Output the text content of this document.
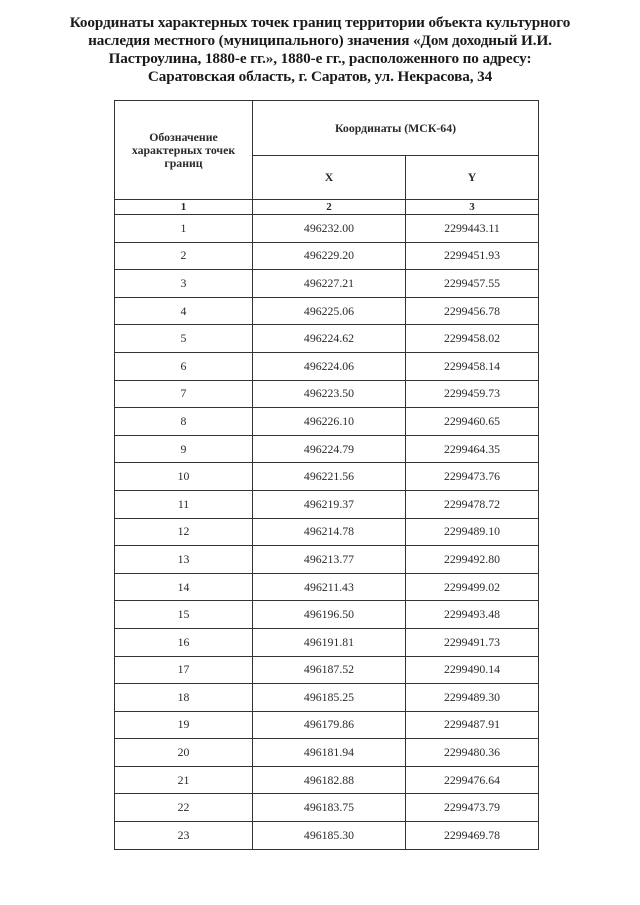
Координаты характерных точек границ территории объекта культурного
наследия местного (муниципального) значения «Дом доходный И.И.
Пастроулина, 1880-е гг.», 1880-е гг., расположенного по адресу:
Саратовская область, г. Саратов, ул. Некрасова, 34
Обозначение характерных точек границ	Координаты (МСК-64)	
	X	Y
1	2	3
1	496232.00	2299443.11
2	496229.20	2299451.93
3	496227.21	2299457.55
4	496225.06	2299456.78
5	496224.62	2299458.02
6	496224.06	2299458.14
7	496223.50	2299459.73
8	496226.10	2299460.65
9	496224.79	2299464.35
10	496221.56	2299473.76
11	496219.37	2299478.72
12	496214.78	2299489.10
13	496213.77	2299492.80
14	496211.43	2299499.02
15	496196.50	2299493.48
16	496191.81	2299491.73
17	496187.52	2299490.14
18	496185.25	2299489.30
19	496179.86	2299487.91
20	496181.94	2299480.36
21	496182.88	2299476.64
22	496183.75	2299473.79
23	496185.30	2299469.78
